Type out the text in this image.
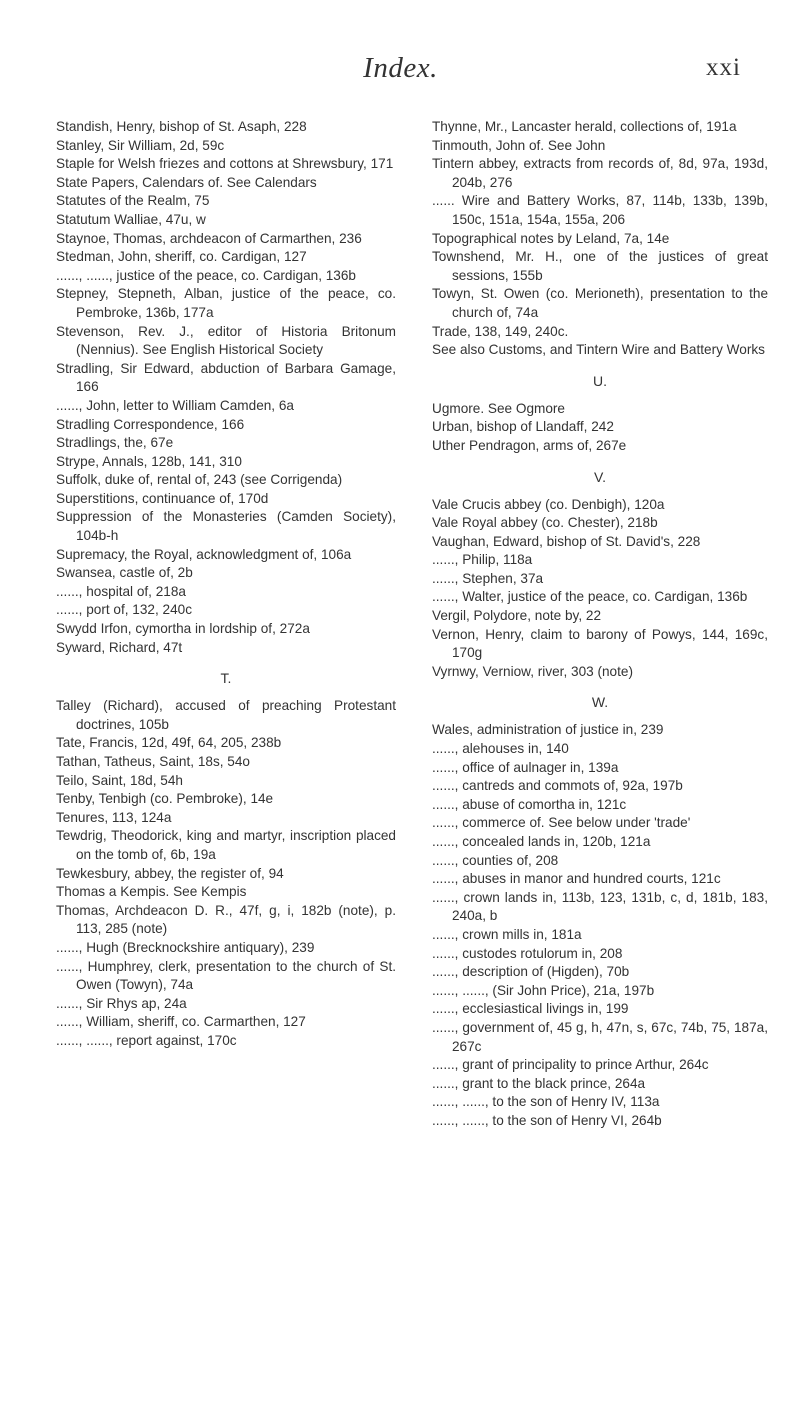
Index.	xxi
Standish, Henry, bishop of St. Asaph, 228
Stanley, Sir William, 2d, 59c
Staple for Welsh friezes and cottons at Shrewsbury, 171
State Papers, Calendars of. See Calendars
Statutes of the Realm, 75
Statutum Walliae, 47u, w
Staynoe, Thomas, archdeacon of Carmarthen, 236
Stedman, John, sheriff, co. Cardigan, 127
......, ......, justice of the peace, co. Cardigan, 136b
Stepney, Stepneth, Alban, justice of the peace, co. Pembroke, 136b, 177a
Stevenson, Rev. J., editor of Historia Britonum (Nennius). See English Historical Society
Stradling, Sir Edward, abduction of Barbara Gamage, 166
......, John, letter to William Camden, 6a
Stradling Correspondence, 166
Stradlings, the, 67e
Strype, Annals, 128b, 141, 310
Suffolk, duke of, rental of, 243 (see Corrigenda)
Superstitions, continuance of, 170d
Suppression of the Monasteries (Camden Society), 104b-h
Supremacy, the Royal, acknowledgment of, 106a
Swansea, castle of, 2b
......, hospital of, 218a
......, port of, 132, 240c
Swydd Irfon, cymortha in lordship of, 272a
Syward, Richard, 47t
T.
Talley (Richard), accused of preaching Protestant doctrines, 105b
Tate, Francis, 12d, 49f, 64, 205, 238b
Tathan, Tatheus, Saint, 18s, 54o
Teilo, Saint, 18d, 54h
Tenby, Tenbigh (co. Pembroke), 14e
Tenures, 113, 124a
Tewdrig, Theodorick, king and martyr, inscription placed on the tomb of, 6b, 19a
Tewkesbury, abbey, the register of, 94
Thomas a Kempis. See Kempis
Thomas, Archdeacon D. R., 47f, g, i, 182b (note), p. 113, 285 (note)
......, Hugh (Brecknockshire antiquary), 239
......, Humphrey, clerk, presentation to the church of St. Owen (Towyn), 74a
......, Sir Rhys ap, 24a
......, William, sheriff, co. Carmarthen, 127
......, ......, report against, 170c
Thynne, Mr., Lancaster herald, collections of, 191a
Tinmouth, John of. See John
Tintern abbey, extracts from records of, 8d, 97a, 193d, 204b, 276
...... Wire and Battery Works, 87, 114b, 133b, 139b, 150c, 151a, 154a, 155a, 206
Topographical notes by Leland, 7a, 14e
Townshend, Mr. H., one of the justices of great sessions, 155b
Towyn, St. Owen (co. Merioneth), presentation to the church of, 74a
Trade, 138, 149, 240c.
See also Customs, and Tintern Wire and Battery Works
U.
Ugmore. See Ogmore
Urban, bishop of Llandaff, 242
Uther Pendragon, arms of, 267e
V.
Vale Crucis abbey (co. Denbigh), 120a
Vale Royal abbey (co. Chester), 218b
Vaughan, Edward, bishop of St. David's, 228
......, Philip, 118a
......, Stephen, 37a
......, Walter, justice of the peace, co. Cardigan, 136b
Vergil, Polydore, note by, 22
Vernon, Henry, claim to barony of Powys, 144, 169c, 170g
Vyrnwy, Verniow, river, 303 (note)
W.
Wales, administration of justice in, 239
......, alehouses in, 140
......, office of aulnager in, 139a
......, cantreds and commots of, 92a, 197b
......, abuse of comortha in, 121c
......, commerce of. See below under 'trade'
......, concealed lands in, 120b, 121a
......, counties of, 208
......, abuses in manor and hundred courts, 121c
......, crown lands in, 113b, 123, 131b, c, d, 181b, 183, 240a, b
......, crown mills in, 181a
......, custodes rotulorum in, 208
......, description of (Higden), 70b
......, ......, (Sir John Price), 21a, 197b
......, ecclesiastical livings in, 199
......, government of, 45 g, h, 47n, s, 67c, 74b, 75, 187a, 267c
......, grant of principality to prince Arthur, 264c
......, grant to the black prince, 264a
......, ......, to the son of Henry IV, 113a
......, ......, to the son of Henry VI, 264b
